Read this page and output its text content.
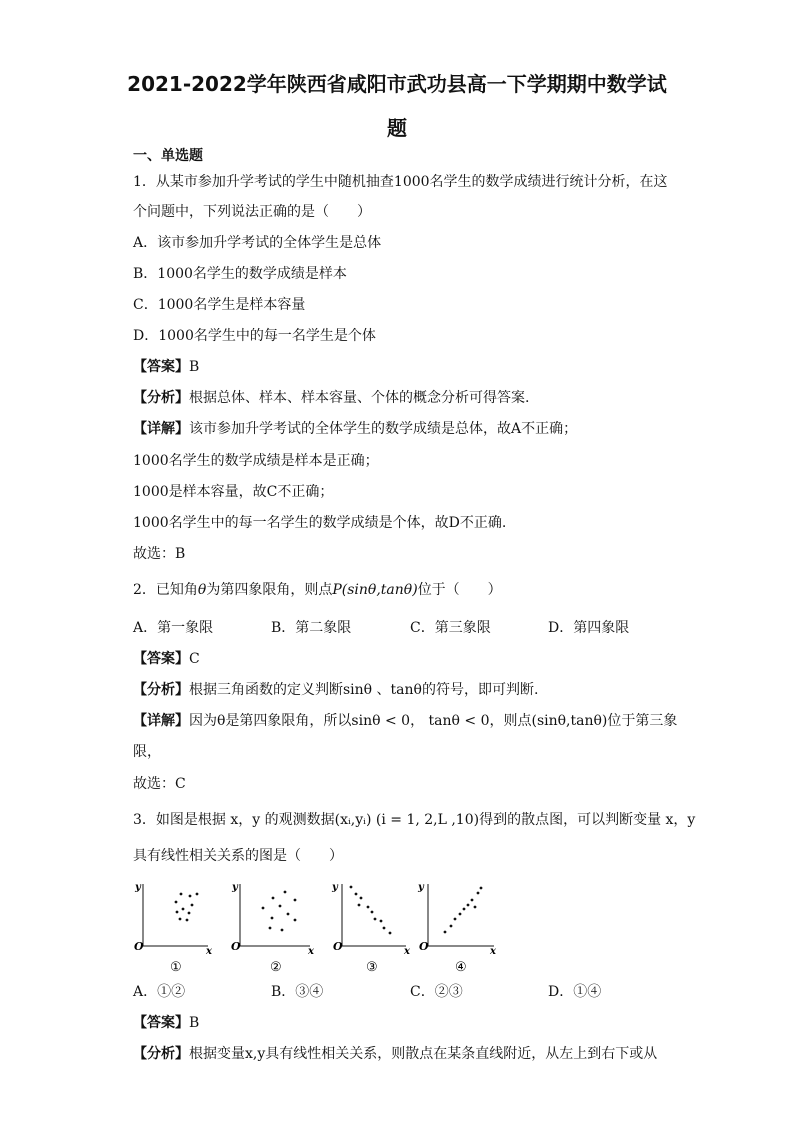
2021-2022学年陕西省咸阳市武功县高一下学期期中数学试
题
一、单选题
1．从某市参加升学考试的学生中随机抽查1000名学生的数学成绩进行统计分析，在这
个问题中，下列说法正确的是（　　）
A．该市参加升学考试的全体学生是总体
B．1000名学生的数学成绩是样本
C．1000名学生是样本容量
D．1000名学生中的每一名学生是个体
【答案】B
【分析】根据总体、样本、样本容量、个体的概念分析可得答案.
【详解】该市参加升学考试的全体学生的数学成绩是总体，故A不正确；
1000名学生的数学成绩是样本是正确；
1000是样本容量，故C不正确；
1000名学生中的每一名学生的数学成绩是个体，故D不正确.
故选：B
2．已知角θ为第四象限角，则点P(sinθ,tanθ)位于（　　）
A．第一象限	B．第二象限	C．第三象限	D．第四象限
【答案】C
【分析】根据三角函数的定义判断sinθ 、tanθ的符号，即可判断.
【详解】因为θ是第四象限角，所以sinθ < 0， tanθ < 0，则点(sinθ,tanθ)位于第三象
限，
故选：C
3．如图是根据 x，y 的观测数据(xᵢ,yᵢ) (i = 1, 2,L ,10)得到的散点图，可以判断变量 x，y
具有线性相关关系的图是（　　）
O
y
x
①
O
y
x
②
O
y
x
③
O
y
x
④
A．①②	B．③④	C．②③	D．①④
【答案】B
【分析】根据变量x,y具有线性相关关系，则散点在某条直线附近，从左上到右下或从
